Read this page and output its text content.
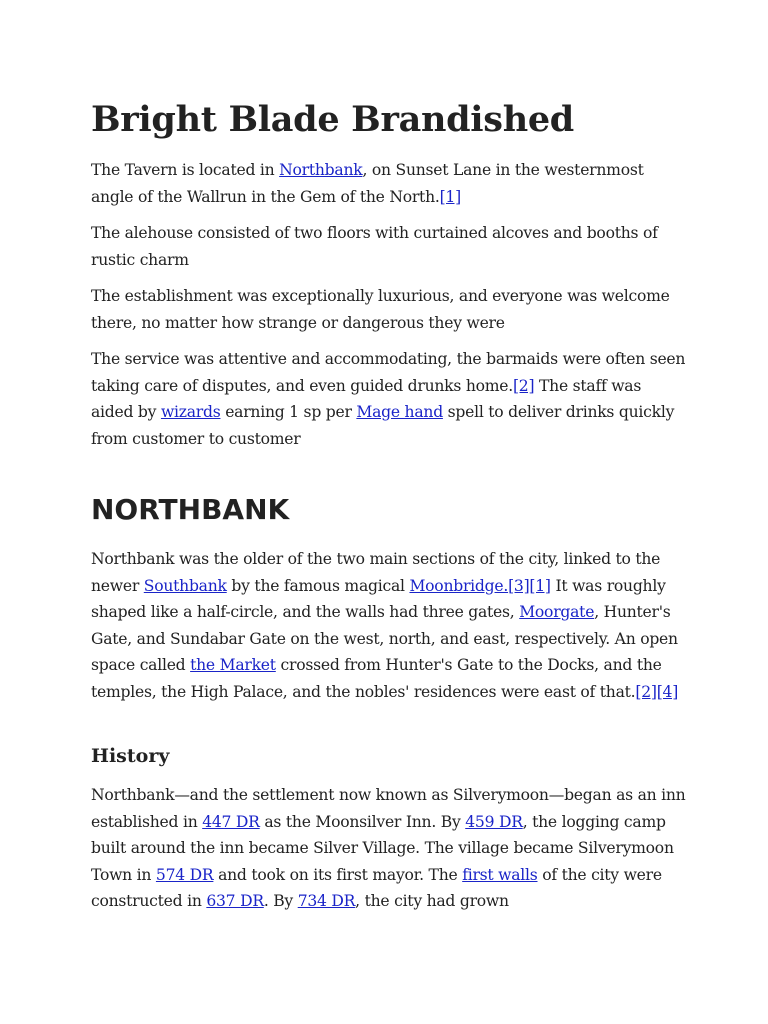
Bright Blade Brandished

The Tavern is located in Northbank, on Sunset Lane in the westernmost angle of the Wallrun in the Gem of the North.[1]

The alehouse consisted of two floors with curtained alcoves and booths of rustic charm

The establishment was exceptionally luxurious, and everyone was welcome there, no matter how strange or dangerous they were

The service was attentive and accommodating, the barmaids were often seen taking care of disputes, and even guided drunks home.[2] The staff was aided by wizards earning 1 sp per Mage hand spell to deliver drinks quickly from customer to customer

NORTHBANK

Northbank was the older of the two main sections of the city, linked to the newer Southbank by the famous magical Moonbridge.[3][1] It was roughly shaped like a half-circle, and the walls had three gates, Moorgate, Hunter's Gate, and Sundabar Gate on the west, north, and east, respectively. An open space called the Market crossed from Hunter's Gate to the Docks, and the temples, the High Palace, and the nobles' residences were east of that.[2][4]

History

Northbank—and the settlement now known as Silverymoon—began as an inn established in 447 DR as the Moonsilver Inn. By 459 DR, the logging camp built around the inn became Silver Village. The village became Silverymoon Town in 574 DR and took on its first mayor. The first walls of the city were constructed in 637 DR. By 734 DR, the city had grown
